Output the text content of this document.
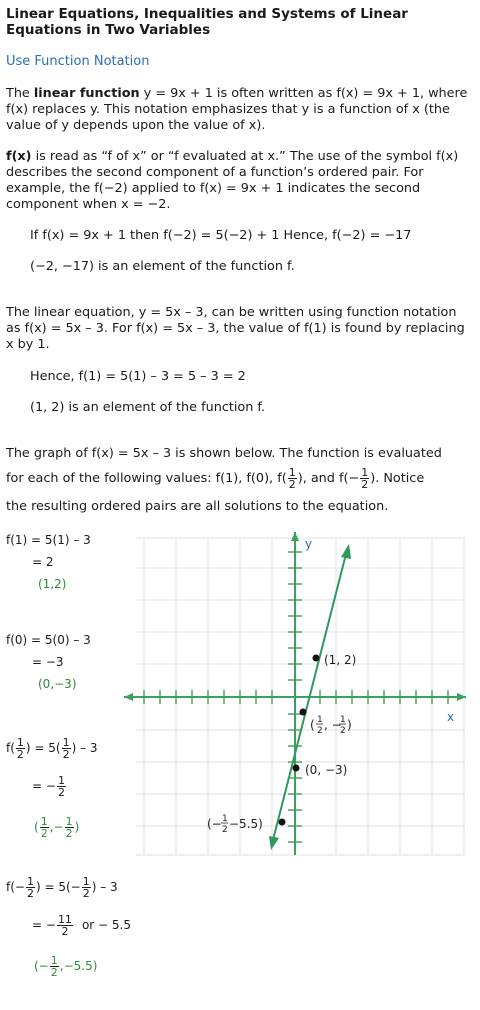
Linear Equations, Inequalities and Systems of Linear Equations in Two Variables
Use Function Notation
The linear function y = 9x + 1 is often written as f(x) = 9x + 1, where f(x) replaces y. This notation emphasizes that y is a function of x (the value of y depends upon the value of x).
f(x) is read as “f of x” or “f evaluated at x.” The use of the symbol f(x) describes the second component of a function’s ordered pair. For example, the f(−2) applied to f(x) = 9x + 1 indicates the second component when x = −2.
If f(x) = 9x + 1 then f(−2) = 5(−2) + 1 Hence, f(−2) = −17
(−2, −17) is an element of the function f.
The linear equation, y = 5x – 3, can be written using function notation as f(x) = 5x – 3. For f(x) = 5x – 3, the value of f(1) is found by replacing x by 1.
Hence, f(1) = 5(1) – 3 = 5 – 3 = 2
(1, 2) is an element of the function f.
The graph of f(x) = 5x – 3 is shown below. The function is evaluated
for each of the following values: f(1), f(0), $f( \frac{1}{2}$ ), and $f(- \frac{1}{2}$ ). Notice
the resulting ordered pairs are all solutions to the equation.
f(1) = 5(1) – 3
= 2
(1,2)
f(0) = 5(0) – 3
= −3
(0,−3)
$f( \frac{1}{2}$ ) = $5( \frac{1}{2}$ ) – 3
= − $\frac{1}{2}$
( $\frac{1}{2}$ ,− $\frac{1}{2}$ )
$f(- \frac{1}{2}$ ) = $5(- \frac{1}{2}$ ) – 3
= − $\frac{11}{2}$ or − 5.5
(− $\frac{1}{2} ,-5.5$)
y
x
(1, 2)
(0, −3)
( 1
2 , −
1
2 )
(− 1
2 −5.5)
